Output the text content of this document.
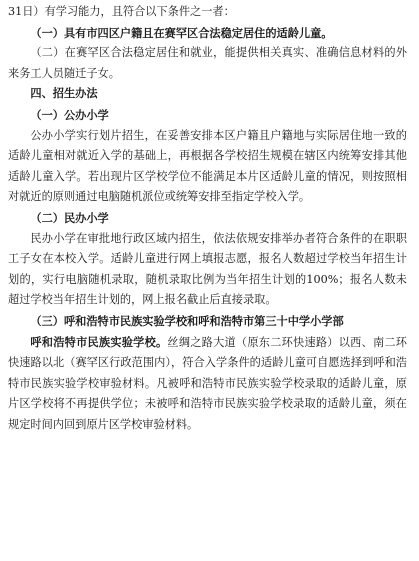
31日）有学习能力，且符合以下条件之一者：

（一）具有市四区户籍且在赛罕区合法稳定居住的适龄儿童。

（二）在赛罕区合法稳定居住和就业，能提供相关真实、准确信息材料的外来务工人员随迁子女。

四、招生办法

（一）公办小学

公办小学实行划片招生，在妥善安排本区户籍且户籍地与实际居住地一致的适龄儿童相对就近入学的基础上，再根据各学校招生规模在辖区内统筹安排其他适龄儿童入学。若出现片区学校学位不能满足本片区适龄儿童的情况，则按照相对就近的原则通过电脑随机派位或统筹安排至指定学校入学。

（二）民办小学

民办小学在审批地行政区域内招生，依法依规安排举办者符合条件的在职职工子女在本校入学。适龄儿童进行网上填报志愿，报名人数超过学校当年招生计划的，实行电脑随机录取，随机录取比例为当年招生计划的100%；报名人数未超过学校当年招生计划的，网上报名截止后直接录取。

（三）呼和浩特市民族实验学校和呼和浩特市第三十中学小学部

呼和浩特市民族实验学校。丝绸之路大道（原东二环快速路）以西、南二环快速路以北（赛罕区行政范围内），符合入学条件的适龄儿童可自愿选择到呼和浩特市民族实验学校审验材料。凡被呼和浩特市民族实验学校录取的适龄儿童，原片区学校将不再提供学位；未被呼和浩特市民族实验学校录取的适龄儿童，须在规定时间内回到原片区学校审验材料。
